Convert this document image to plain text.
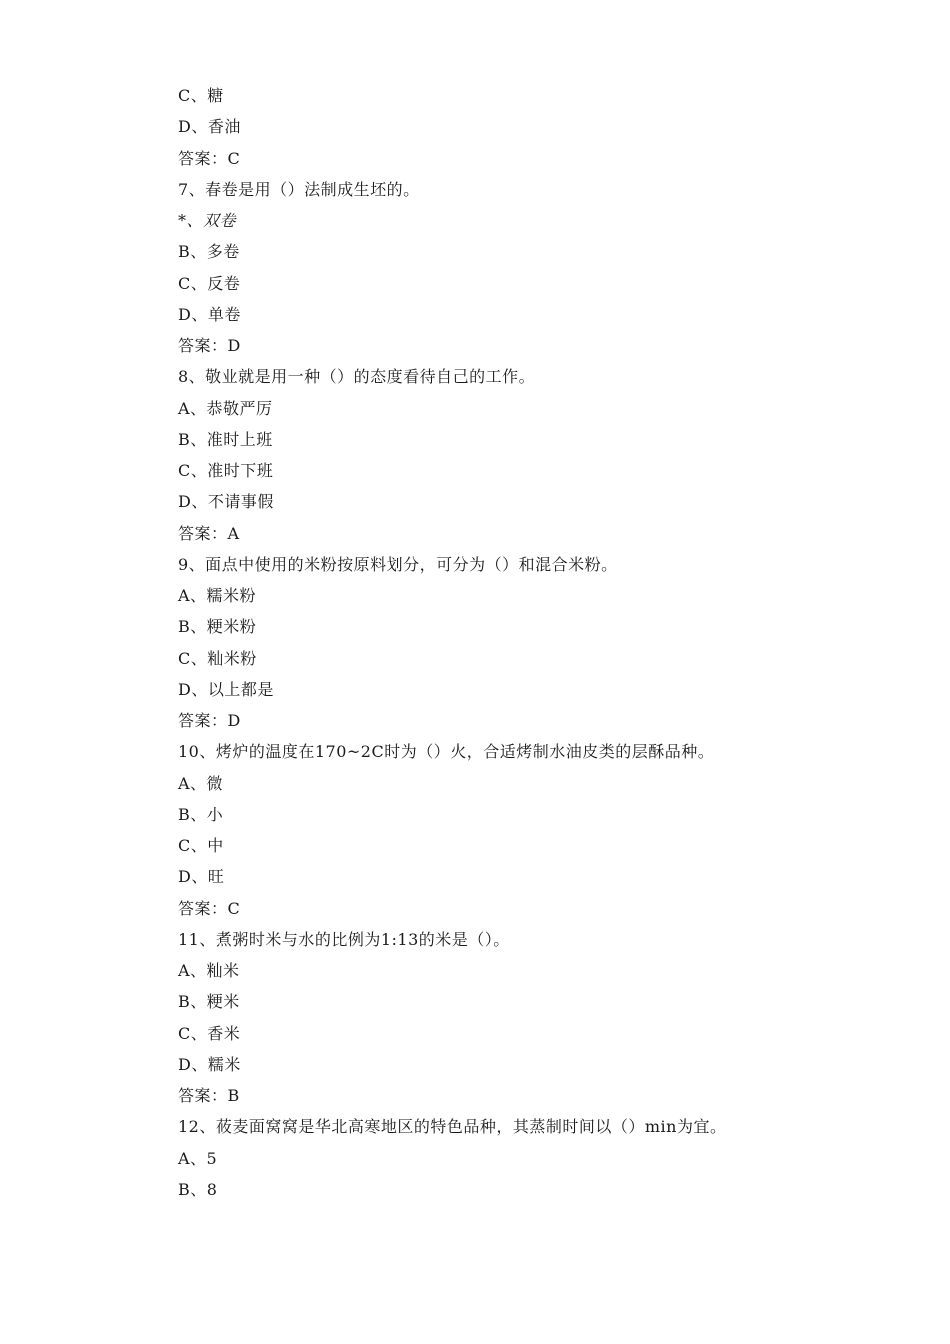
C、糖
D、香油
答案：C
7、春卷是用（）法制成生坯的。
*、双卷
B、多卷
C、反卷
D、单卷
答案：D
8、敬业就是用一种（）的态度看待自己的工作。
A、恭敬严厉
B、准时上班
C、准时下班
D、不请事假
答案：A
9、面点中使用的米粉按原料划分，可分为（）和混合米粉。
A、糯米粉
B、粳米粉
C、籼米粉
D、以上都是
答案：D
10、烤炉的温度在170~2C时为（）火，合适烤制水油皮类的层酥品种。
A、微
B、小
C、中
D、旺
答案：C
11、煮粥时米与水的比例为1:13的米是（）。
A、籼米
B、粳米
C、香米
D、糯米
答案：B
12、莜麦面窝窝是华北高寒地区的特色品种，其蒸制时间以（）min为宜。
A、5
B、8
